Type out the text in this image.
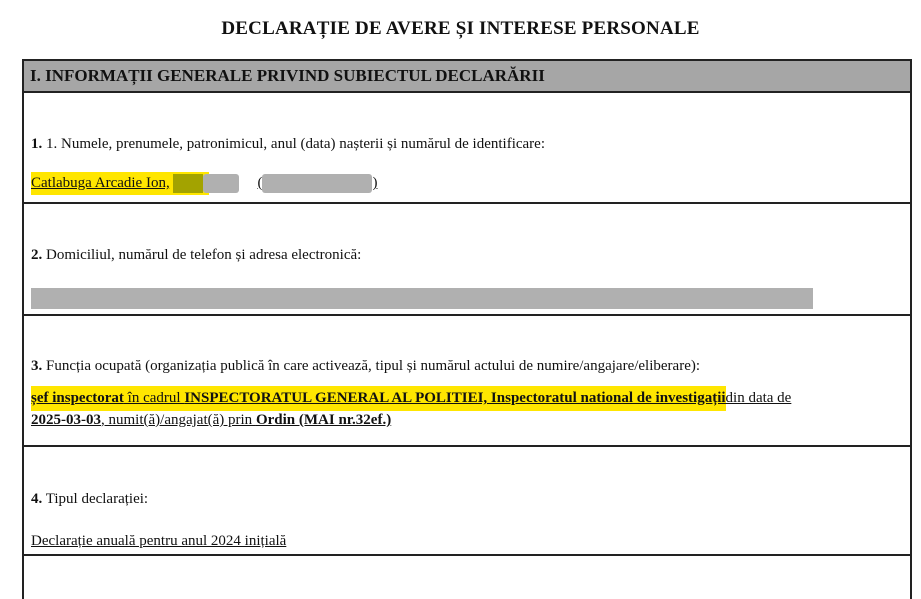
DECLARAȚIE DE AVERE ȘI INTERESE PERSONALE
I. INFORMAȚII GENERALE PRIVIND SUBIECTUL DECLARĂRII
1. 1. Numele, prenumele, patronimicul, anul (data) nașterii și numărul de identificare:
Catlabuga Arcadie Ion,	(	)
2. Domiciliul, numărul de telefon și adresa electronică:
3. Funcția ocupată (organizația publică în care activează, tipul și numărul actului de numire/angajare/eliberare):
șef inspectorat în cadrul INSPECTORATUL GENERAL AL POLITIEI, Inspectoratul national de investigațiidin data de
2025-03-03, numit(ă)/angajat(ă) prin Ordin (MAI nr.32ef.)
4. Tipul declarației:
Declarație anuală pentru anul 2024 inițială
